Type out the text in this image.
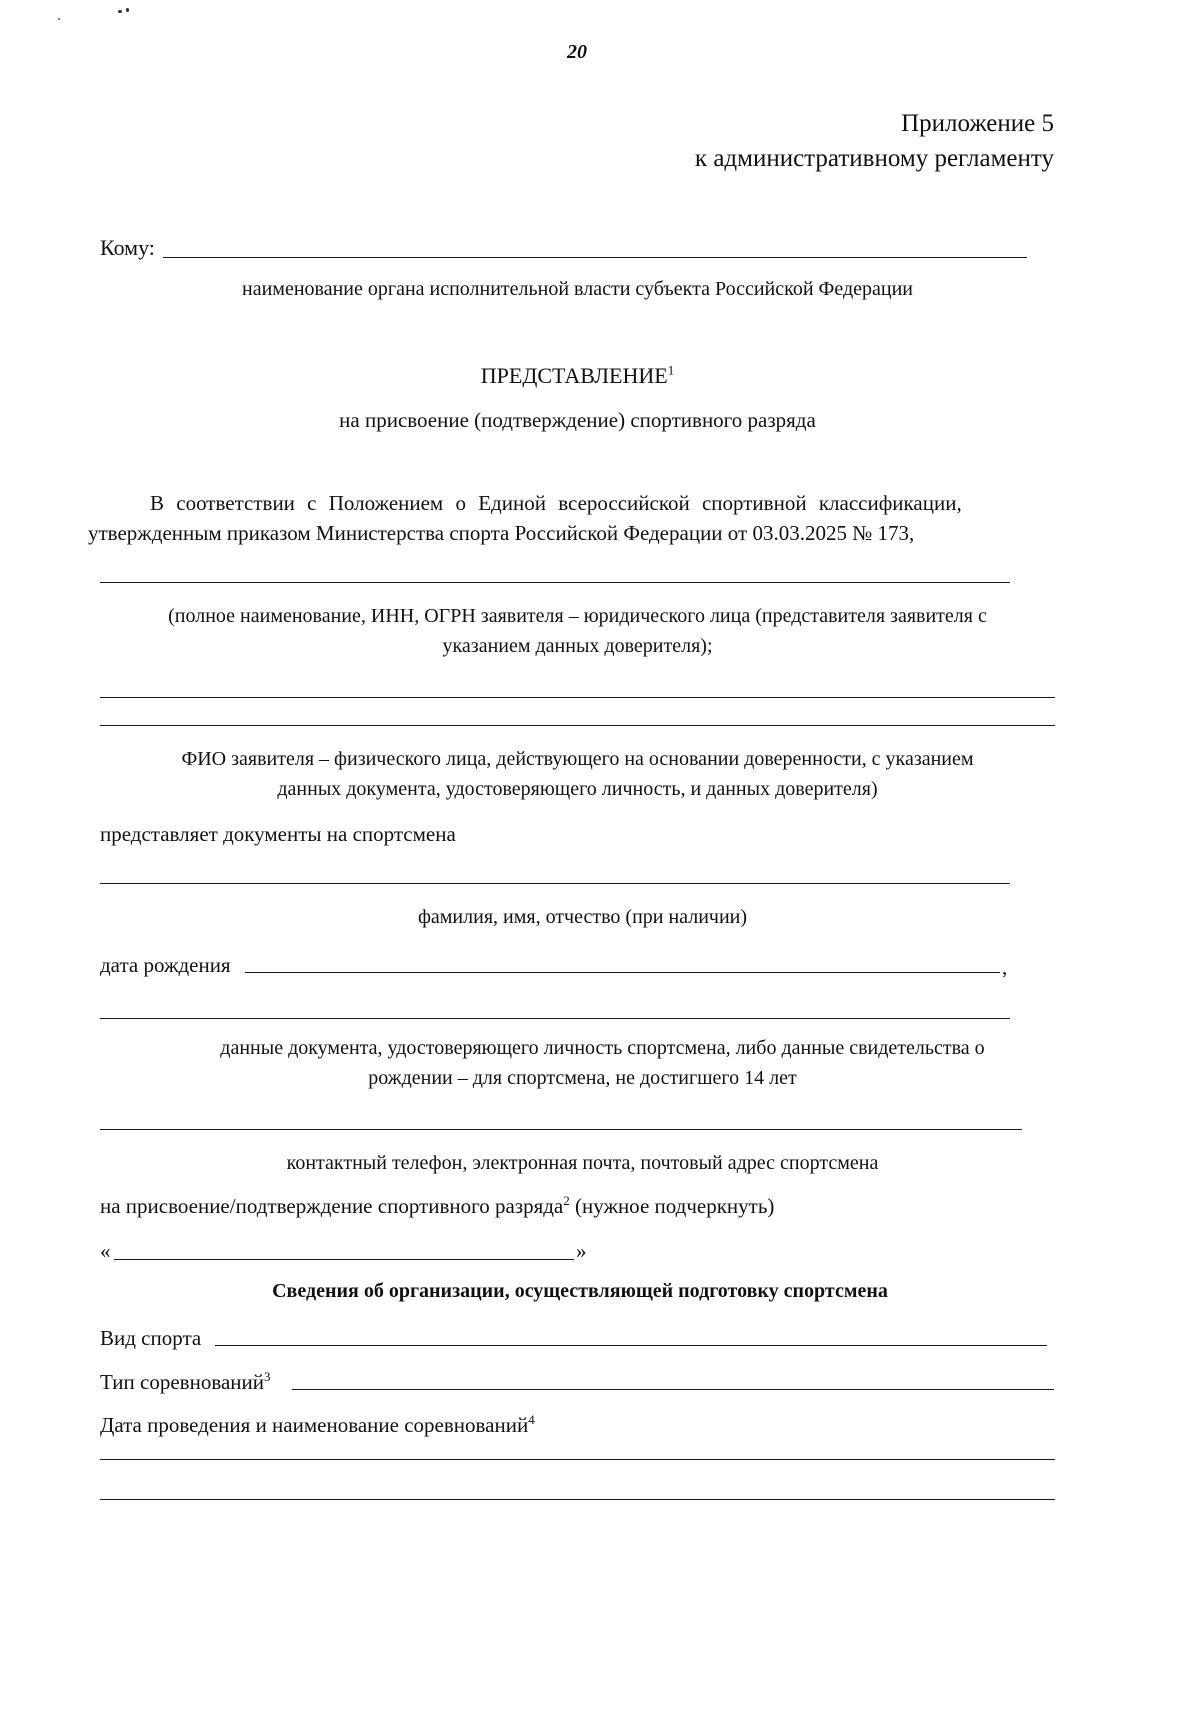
20
Приложение 5
к административному регламенту
Кому:
наименование органа исполнительной власти субъекта Российской Федерации
ПРЕДСТАВЛЕНИЕ$^1$
на присвоение (подтверждение) спортивного разряда
В соответствии с Положением о Единой всероссийской спортивной классификации,
утвержденным приказом Министерства спорта Российской Федерации от 03.03.2025 № 173,
(полное наименование, ИНН, ОГРН заявителя – юридического лица (представителя заявителя с
указанием данных доверителя);
ФИО заявителя – физического лица, действующего на основании доверенности, с указанием
данных документа, удостоверяющего личность, и данных доверителя)
представляет документы на спортсмена
фамилия, имя, отчество (при наличии)
дата рождения	,
данные документа, удостоверяющего личность спортсмена, либо данные свидетельства о
рождении – для спортсмена, не достигшего 14 лет
контактный телефон, электронная почта, почтовый адрес спортсмена
на присвоение/подтверждение спортивного разряда$^2$ (нужное подчеркнуть)
«	»
Сведения об организации, осуществляющей подготовку спортсмена
Вид спорта
Тип соревнований$^3$
Дата проведения и наименование соревнований$^4$
